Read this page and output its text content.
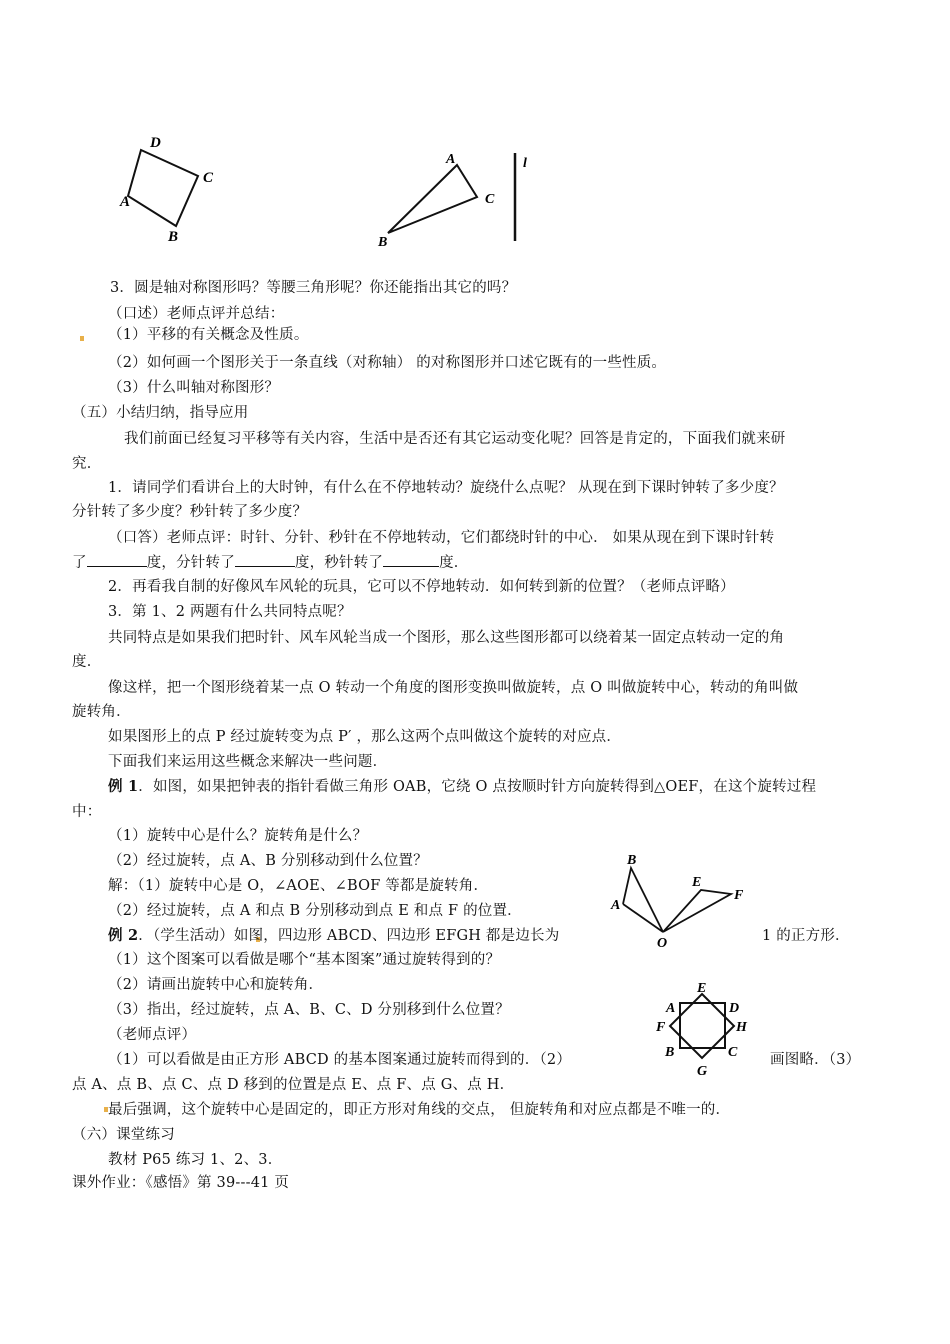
D
C
A
B
A
C
B
l
B
E
F
A
O
A
E
D
F	H
B	C
G
3．圆是轴对称图形吗？等腰三角形呢？你还能指出其它的吗？
（口述）老师点评并总结：
（1）平移的有关概念及性质。
（2）如何画一个图形关于一条直线（对称轴） 的对称图形并口述它既有的一些性质。
（3）什么叫轴对称图形？
（五）小结归纳，指导应用
我们前面已经复习平移等有关内容，生活中是否还有其它运动变化呢？回答是肯定的，下面我们就来研
究．
1．请同学们看讲台上的大时钟，有什么在不停地转动？旋绕什么点呢？ 从现在到下课时钟转了多少度？
分针转了多少度？秒针转了多少度？
（口答）老师点评：时针、分针、秒针在不停地转动，它们都绕时针的中心． 如果从现在到下课时针转
了	度，分针转了	度，秒针转了	度．
2．再看我自制的好像风车风轮的玩具，它可以不停地转动．如何转到新的位置？（老师点评略）
3．第 1、2 两题有什么共同特点呢？
共同特点是如果我们把时针、风车风轮当成一个图形，那么这些图形都可以绕着某一固定点转动一定的角
度．
像这样，把一个图形绕着某一点 O 转动一个角度的图形变换叫做旋转，点 O 叫做旋转中心，转动的角叫做
旋转角．
如果图形上的点 P 经过旋转变为点 P′ ，那么这两个点叫做这个旋转的对应点．
下面我们来运用这些概念来解决一些问题．
例 1．如图，如果把钟表的指针看做三角形 OAB，它绕 O 点按顺时针方向旋转得到△OEF，在这个旋转过程
中：
（1）旋转中心是什么？旋转角是什么？
（2）经过旋转，点 A、B 分别移动到什么位置？
解：（1）旋转中心是 O，∠AOE、∠BOF 等都是旋转角．
（2）经过旋转，点 A 和点 B 分别移动到点 E 和点 F 的位置．
例 2．（学生活动）如图，四边形 ABCD、四边形 EFGH 都是边长为	1 的正方形．
（1）这个图案可以看做是哪个“基本图案”通过旋转得到的？
（2）请画出旋转中心和旋转角．
（3）指出，经过旋转，点 A、B、C、D 分别移到什么位置？
（老师点评）
（1）可以看做是由正方形 ABCD 的基本图案通过旋转而得到的．（2）	画图略．（3）
点 A、点 B、点 C、点 D 移到的位置是点 E、点 F、点 G、点 H．
最后强调，这个旋转中心是固定的，即正方形对角线的交点， 但旋转角和对应点都是不唯一的．
（六）课堂练习
教材 P65 练习 1、2、3．
课外作业：《感悟》第 39---41 页
